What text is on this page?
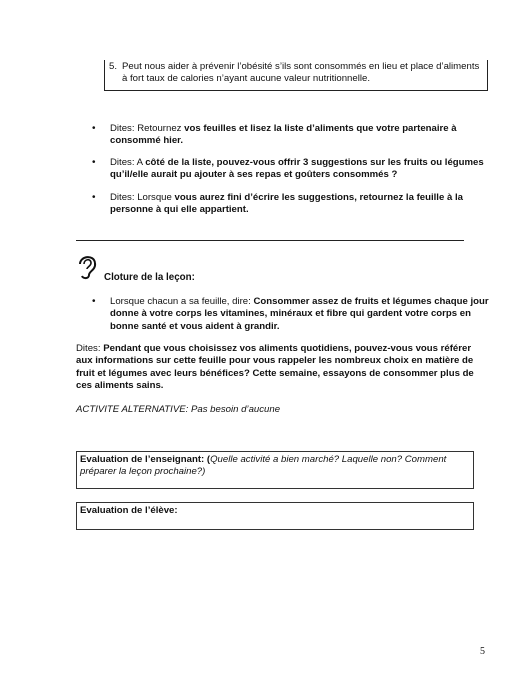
5. Peut nous aider à prévenir l’obésité s’ils sont consommés en lieu et place d’aliments à fort taux de calories n’ayant aucune valeur nutritionnelle.
• Dites: Retournez vos feuilles et lisez la liste d’aliments que votre partenaire à consommé hier.
• Dites: A côté de la liste, pouvez-vous offrir 3 suggestions sur les fruits ou légumes qu’il/elle aurait pu ajouter à ses repas et goûters consommés ?
• Dites: Lorsque vous aurez fini d’écrire les suggestions, retournez la feuille à la personne à qui elle appartient.
Cloture de la leçon:
• Lorsque chacun a sa feuille, dire: Consommer assez de fruits et légumes chaque jour donne à votre corps les vitamines, minéraux et fibre qui gardent votre corps en bonne santé et vous aident à grandir.
Dites: Pendant que vous choisissez vos aliments quotidiens, pouvez-vous vous référer aux informations sur cette feuille pour vous rappeler les nombreux choix en matière de fruit et légumes avec leurs bénéfices? Cette semaine, essayons de consommer plus de ces aliments sains.
ACTIVITE ALTERNATIVE: Pas besoin d’aucune
Evaluation de l’enseignant: (Quelle activité a bien marché? Laquelle non? Comment préparer la leçon prochaine?)
Evaluation de l’élève:
5
